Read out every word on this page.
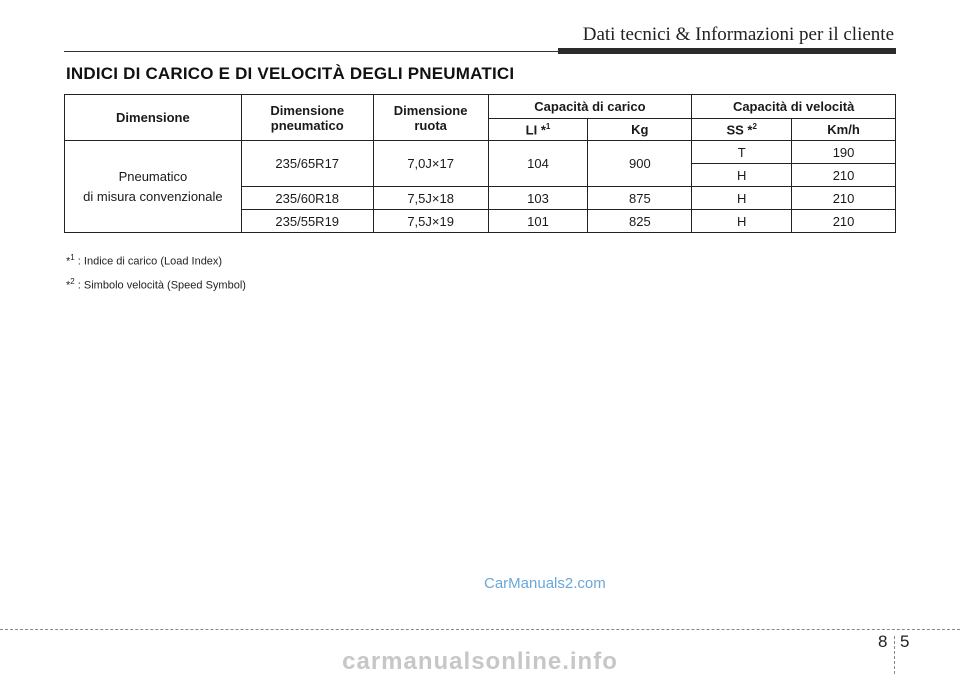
Dati tecnici & Informazioni per il cliente
INDICI DI CARICO E DI VELOCITÀ DEGLI PNEUMATICI
Dimensione	Dimensione pneumatico	Dimensione ruota	Capacità di carico		Capacità di velocità	
			LI *$^1$	Kg	SS *$^2$	Km/h
Pneumatico
di misura convenzionale	235/65R17	7,0J×17	104	900	T	190
					H	210
	235/60R18	7,5J×18	103	875	H	210
	235/55R19	7,5J×19	101	825	H	210
*$^1$ : Indice di carico (Load Index)
*$^2$ : Simbolo velocità (Speed Symbol)
CarManuals2.com
8 5
carmanualsonline.info
